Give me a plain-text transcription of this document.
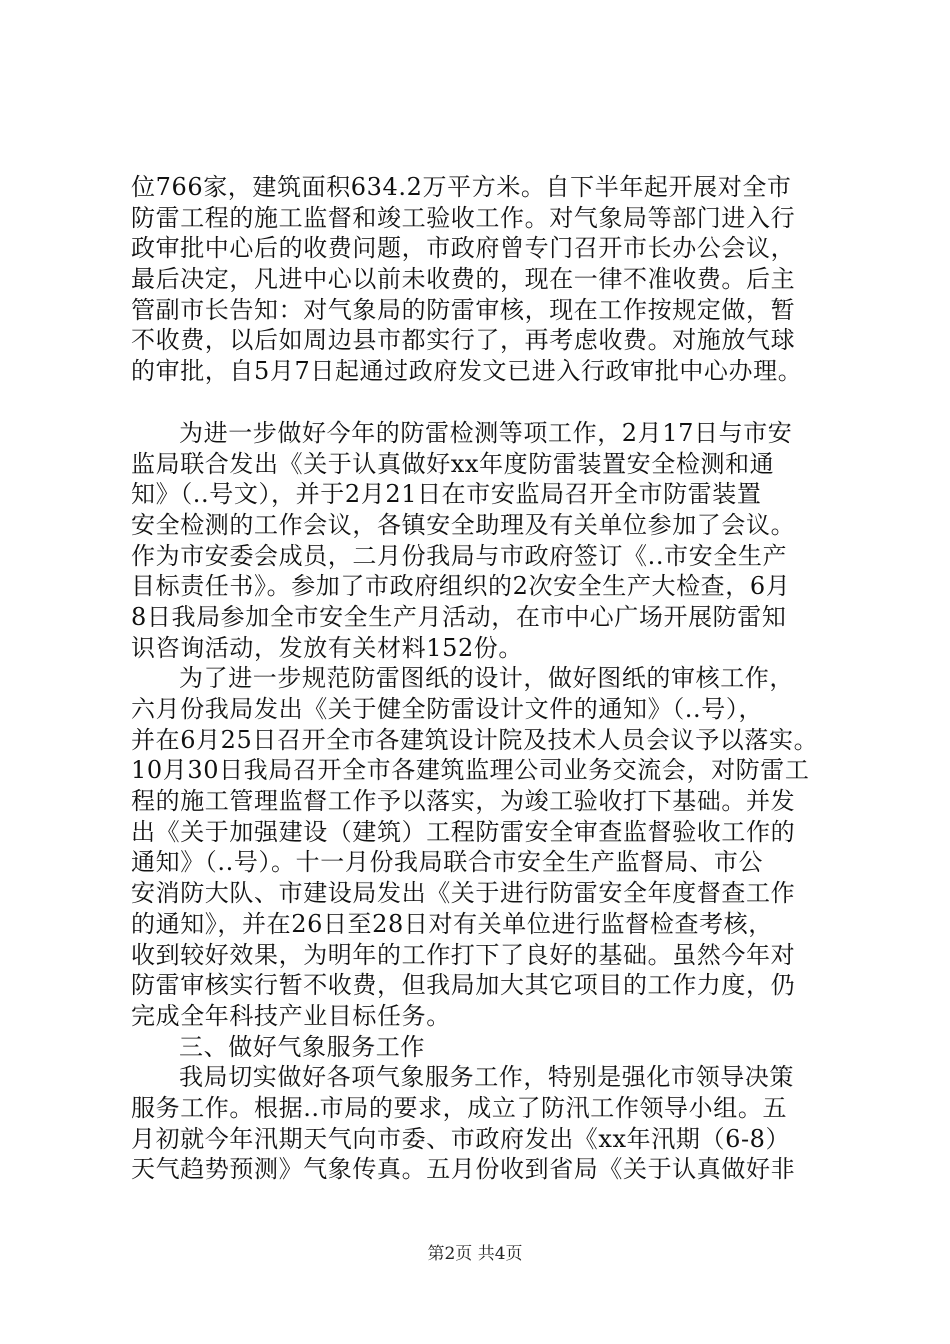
位766家，建筑面积634.2万平方米。自下半年起开展对全市
防雷工程的施工监督和竣工验收工作。对气象局等部门进入行
政审批中心后的收费问题，市政府曾专门召开市长办公会议，
最后决定，凡进中心以前未收费的，现在一律不准收费。后主
管副市长告知：对气象局的防雷审核，现在工作按规定做，暂
不收费，以后如周边县市都实行了，再考虑收费。对施放气球
的审批，自5月7日起通过政府发文已进入行政审批中心办理。
为进一步做好今年的防雷检测等项工作，2月17日与市安
监局联合发出《关于认真做好xx年度防雷装置安全检测和通
知》（..号文），并于2月21日在市安监局召开全市防雷装置
安全检测的工作会议，各镇安全助理及有关单位参加了会议。
作为市安委会成员，二月份我局与市政府签订《..市安全生产
目标责任书》。参加了市政府组织的2次安全生产大检查，6月
8日我局参加全市安全生产月活动，在市中心广场开展防雷知
识咨询活动，发放有关材料152份。
为了进一步规范防雷图纸的设计，做好图纸的审核工作，
六月份我局发出《关于健全防雷设计文件的通知》（..号），
并在6月25日召开全市各建筑设计院及技术人员会议予以落实。
10月30日我局召开全市各建筑监理公司业务交流会，对防雷工
程的施工管理监督工作予以落实，为竣工验收打下基础。并发
出《关于加强建设（建筑）工程防雷安全审查监督验收工作的
通知》（..号）。十一月份我局联合市安全生产监督局、市公
安消防大队、市建设局发出《关于进行防雷安全年度督查工作
的通知》，并在26日至28日对有关单位进行监督检查考核，
收到较好效果，为明年的工作打下了良好的基础。虽然今年对
防雷审核实行暂不收费，但我局加大其它项目的工作力度，仍
完成全年科技产业目标任务。
三、做好气象服务工作
我局切实做好各项气象服务工作，特别是强化市领导决策
服务工作。根据..市局的要求，成立了防汛工作领导小组。五
月初就今年汛期天气向市委、市政府发出《xx年汛期（6-8）
天气趋势预测》气象传真。五月份收到省局《关于认真做好非
第2页 共4页
